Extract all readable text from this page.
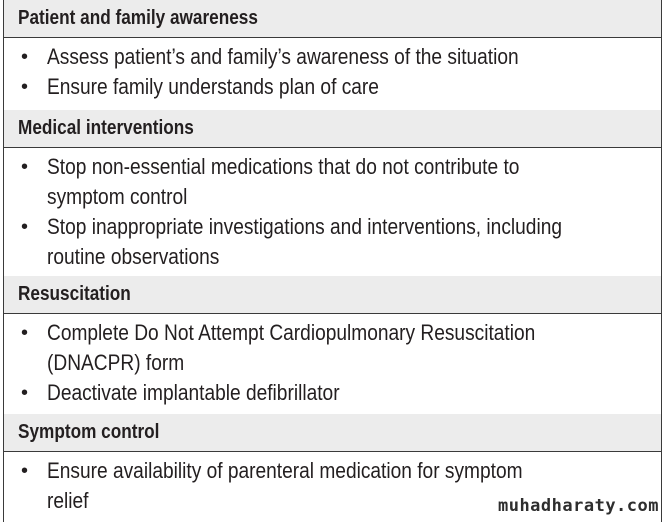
Patient and family awareness
• Assess patient’s and family’s awareness of the situation
• Ensure family understands plan of care
Medical interventions
• Stop non-essential medications that do not contribute to
symptom control
• Stop inappropriate investigations and interventions, including
routine observations
Resuscitation
• Complete Do Not Attempt Cardiopulmonary Resuscitation
(DNACPR) form
• Deactivate implantable defibrillator
Symptom control
• Ensure availability of parenteral medication for symptom
relief	muhadharaty.com
